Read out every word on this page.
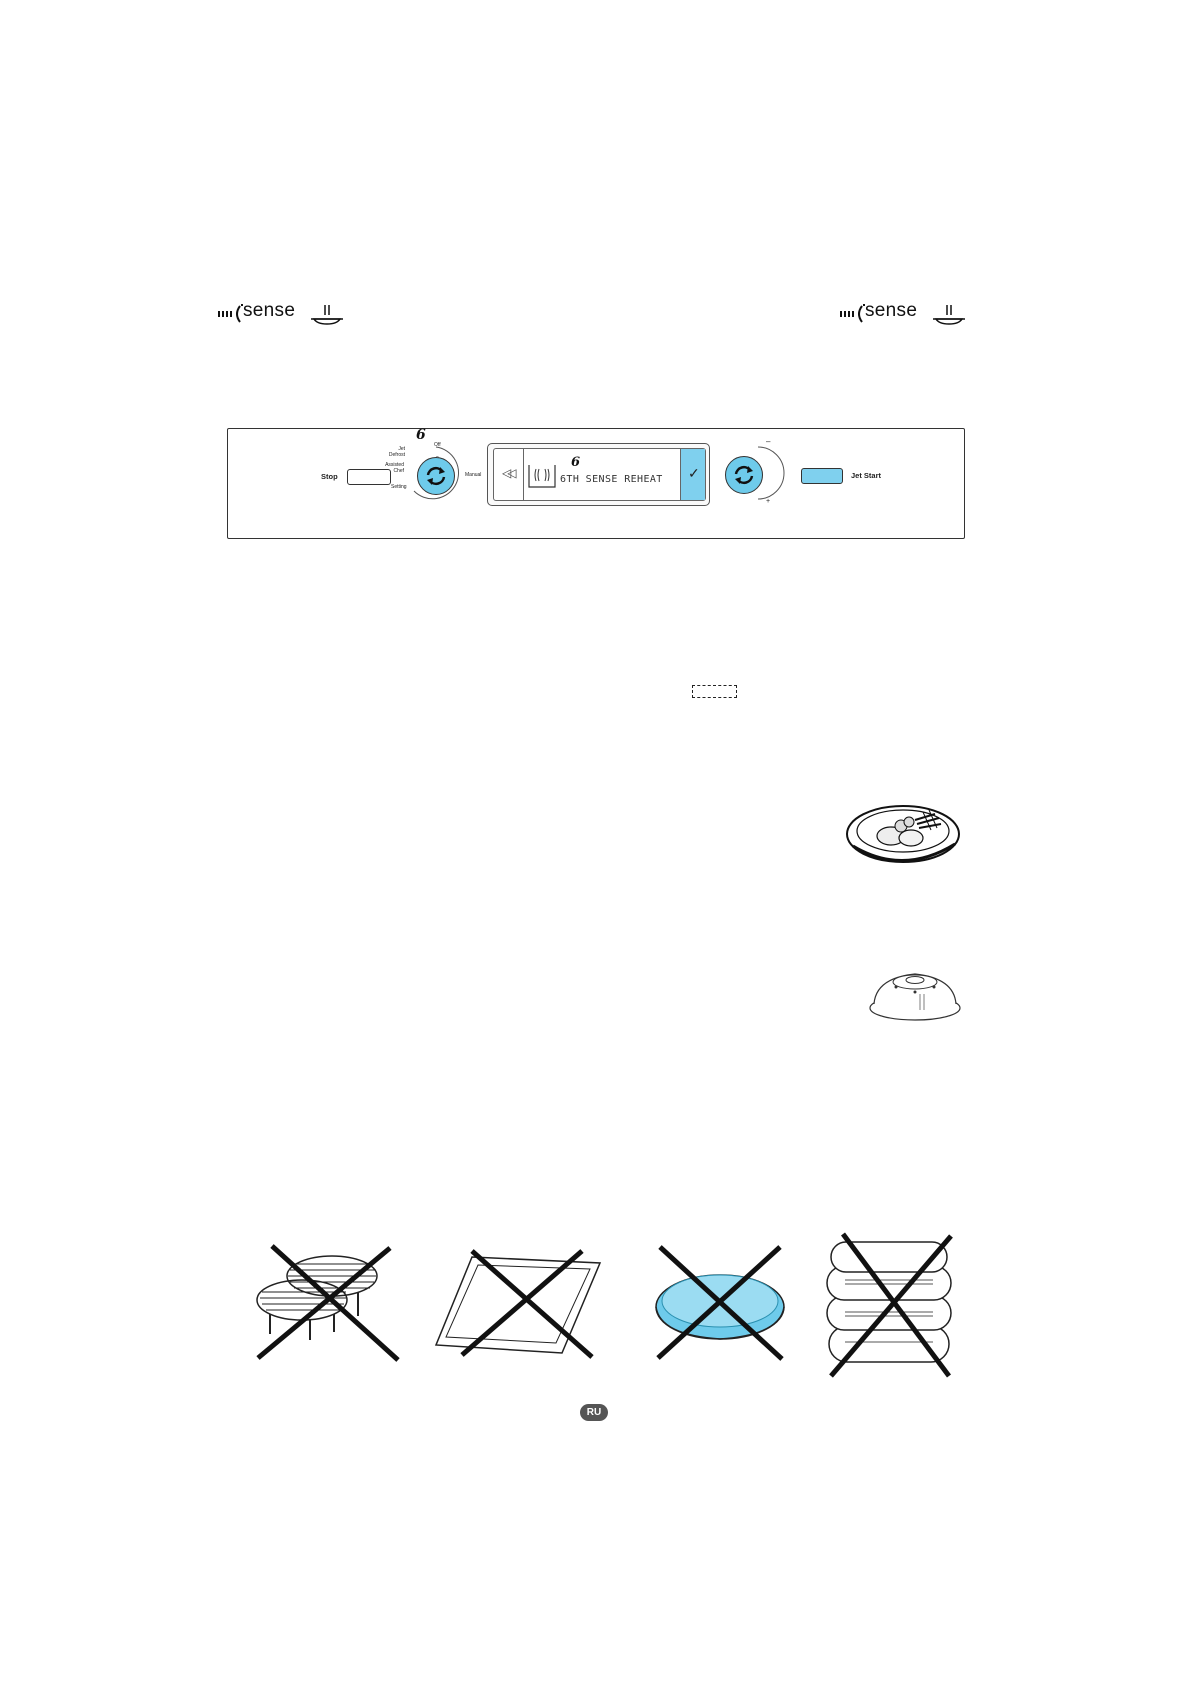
sense	sense
Stop
6
Jet Defrost
Assisted Chef
Setting
Off
Manual ◁◁
6
6TH SENSE REHEAT ✓
–
+
Jet Start
RU
